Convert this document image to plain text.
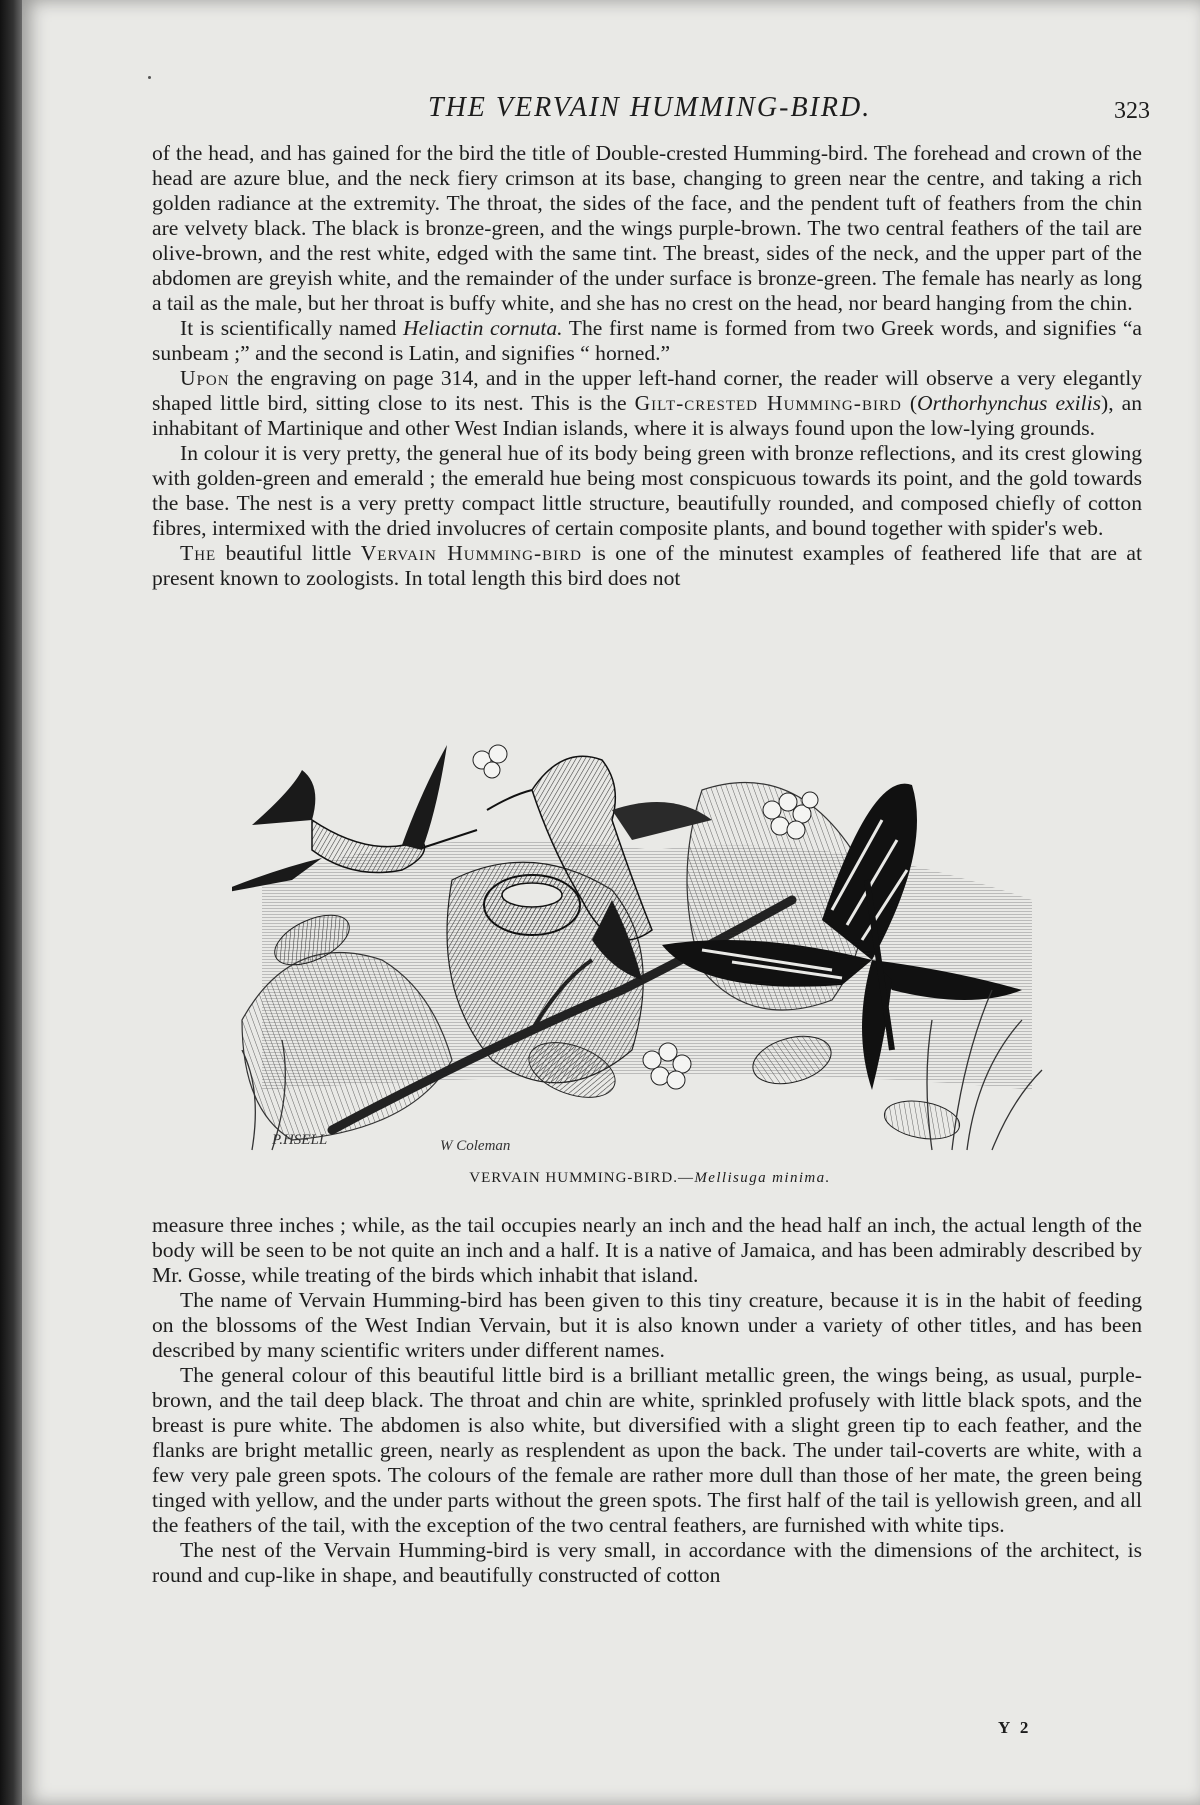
THE VERVAIN HUMMING-BIRD.	323

of the head, and has gained for the bird the title of Double-crested Humming-bird. The forehead and crown of the head are azure blue, and the neck fiery crimson at its base, changing to green near the centre, and taking a rich golden radiance at the extremity. The throat, the sides of the face, and the pendent tuft of feathers from the chin are velvety black. The black is bronze-green, and the wings purple-brown. The two central feathers of the tail are olive-brown, and the rest white, edged with the same tint. The breast, sides of the neck, and the upper part of the abdomen are greyish white, and the remainder of the under surface is bronze-green. The female has nearly as long a tail as the male, but her throat is buffy white, and she has no crest on the head, nor beard hanging from the chin.

It is scientifically named Heliactin cornuta. The first name is formed from two Greek words, and signifies “a sunbeam ;” and the second is Latin, and signifies “ horned.”

Upon the engraving on page 314, and in the upper left-hand corner, the reader will observe a very elegantly shaped little bird, sitting close to its nest. This is the Gilt-crested Humming-bird (Orthorhynchus exilis), an inhabitant of Martinique and other West Indian islands, where it is always found upon the low-lying grounds.

In colour it is very pretty, the general hue of its body being green with bronze reflections, and its crest glowing with golden-green and emerald ; the emerald hue being most conspicuous towards its point, and the gold towards the base. The nest is a very pretty compact little structure, beautifully rounded, and composed chiefly of cotton fibres, intermixed with the dried involucres of certain composite plants, and bound together with spider's web.

The beautiful little Vervain Humming-bird is one of the minutest examples of feathered life that are at present known to zoologists. In total length this bird does not

P.HSELL	W Coleman
VERVAIN HUMMING-BIRD.—Mellisuga minima.

measure three inches ; while, as the tail occupies nearly an inch and the head half an inch, the actual length of the body will be seen to be not quite an inch and a half. It is a native of Jamaica, and has been admirably described by Mr. Gosse, while treating of the birds which inhabit that island.

The name of Vervain Humming-bird has been given to this tiny creature, because it is in the habit of feeding on the blossoms of the West Indian Vervain, but it is also known under a variety of other titles, and has been described by many scientific writers under different names.

The general colour of this beautiful little bird is a brilliant metallic green, the wings being, as usual, purple-brown, and the tail deep black. The throat and chin are white, sprinkled profusely with little black spots, and the breast is pure white. The abdomen is also white, but diversified with a slight green tip to each feather, and the flanks are bright metallic green, nearly as resplendent as upon the back. The under tail-coverts are white, with a few very pale green spots. The colours of the female are rather more dull than those of her mate, the green being tinged with yellow, and the under parts without the green spots. The first half of the tail is yellowish green, and all the feathers of the tail, with the exception of the two central feathers, are furnished with white tips.

The nest of the Vervain Humming-bird is very small, in accordance with the dimensions of the architect, is round and cup-like in shape, and beautifully constructed of cotton

Y 2
